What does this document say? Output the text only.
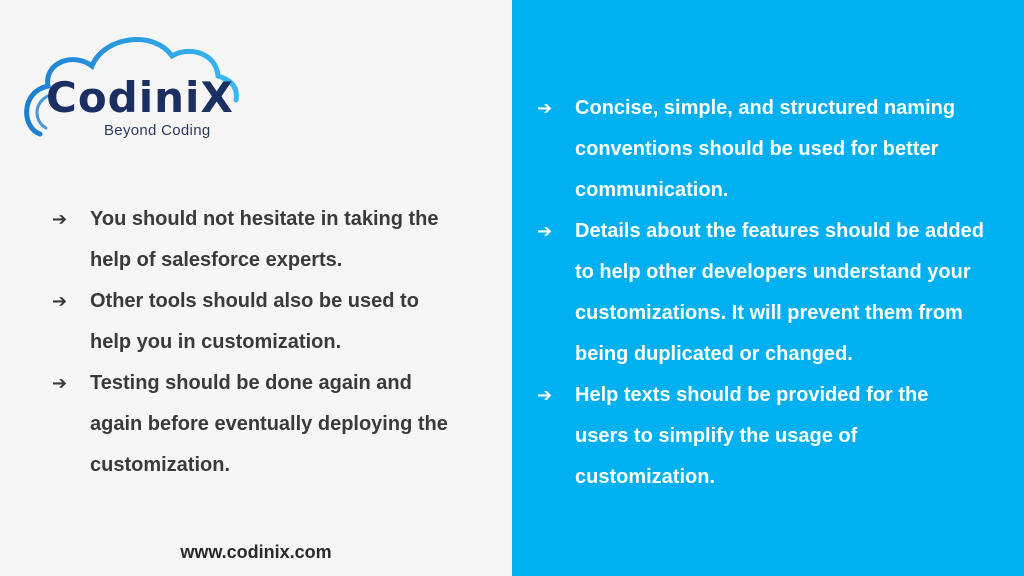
CodiniX
Beyond Coding
➔ You should not hesitate in taking the help of salesforce experts.
➔ Other tools should also be used to help you in customization.
➔ Testing should be done again and again before eventually deploying the customization.
www.codinix.com
➔ Concise, simple, and structured naming conventions should be used for better communication.
➔ Details about the features should be added to help other developers understand your customizations. It will prevent them from being duplicated or changed.
➔ Help texts should be provided for the users to simplify the usage of customization.
